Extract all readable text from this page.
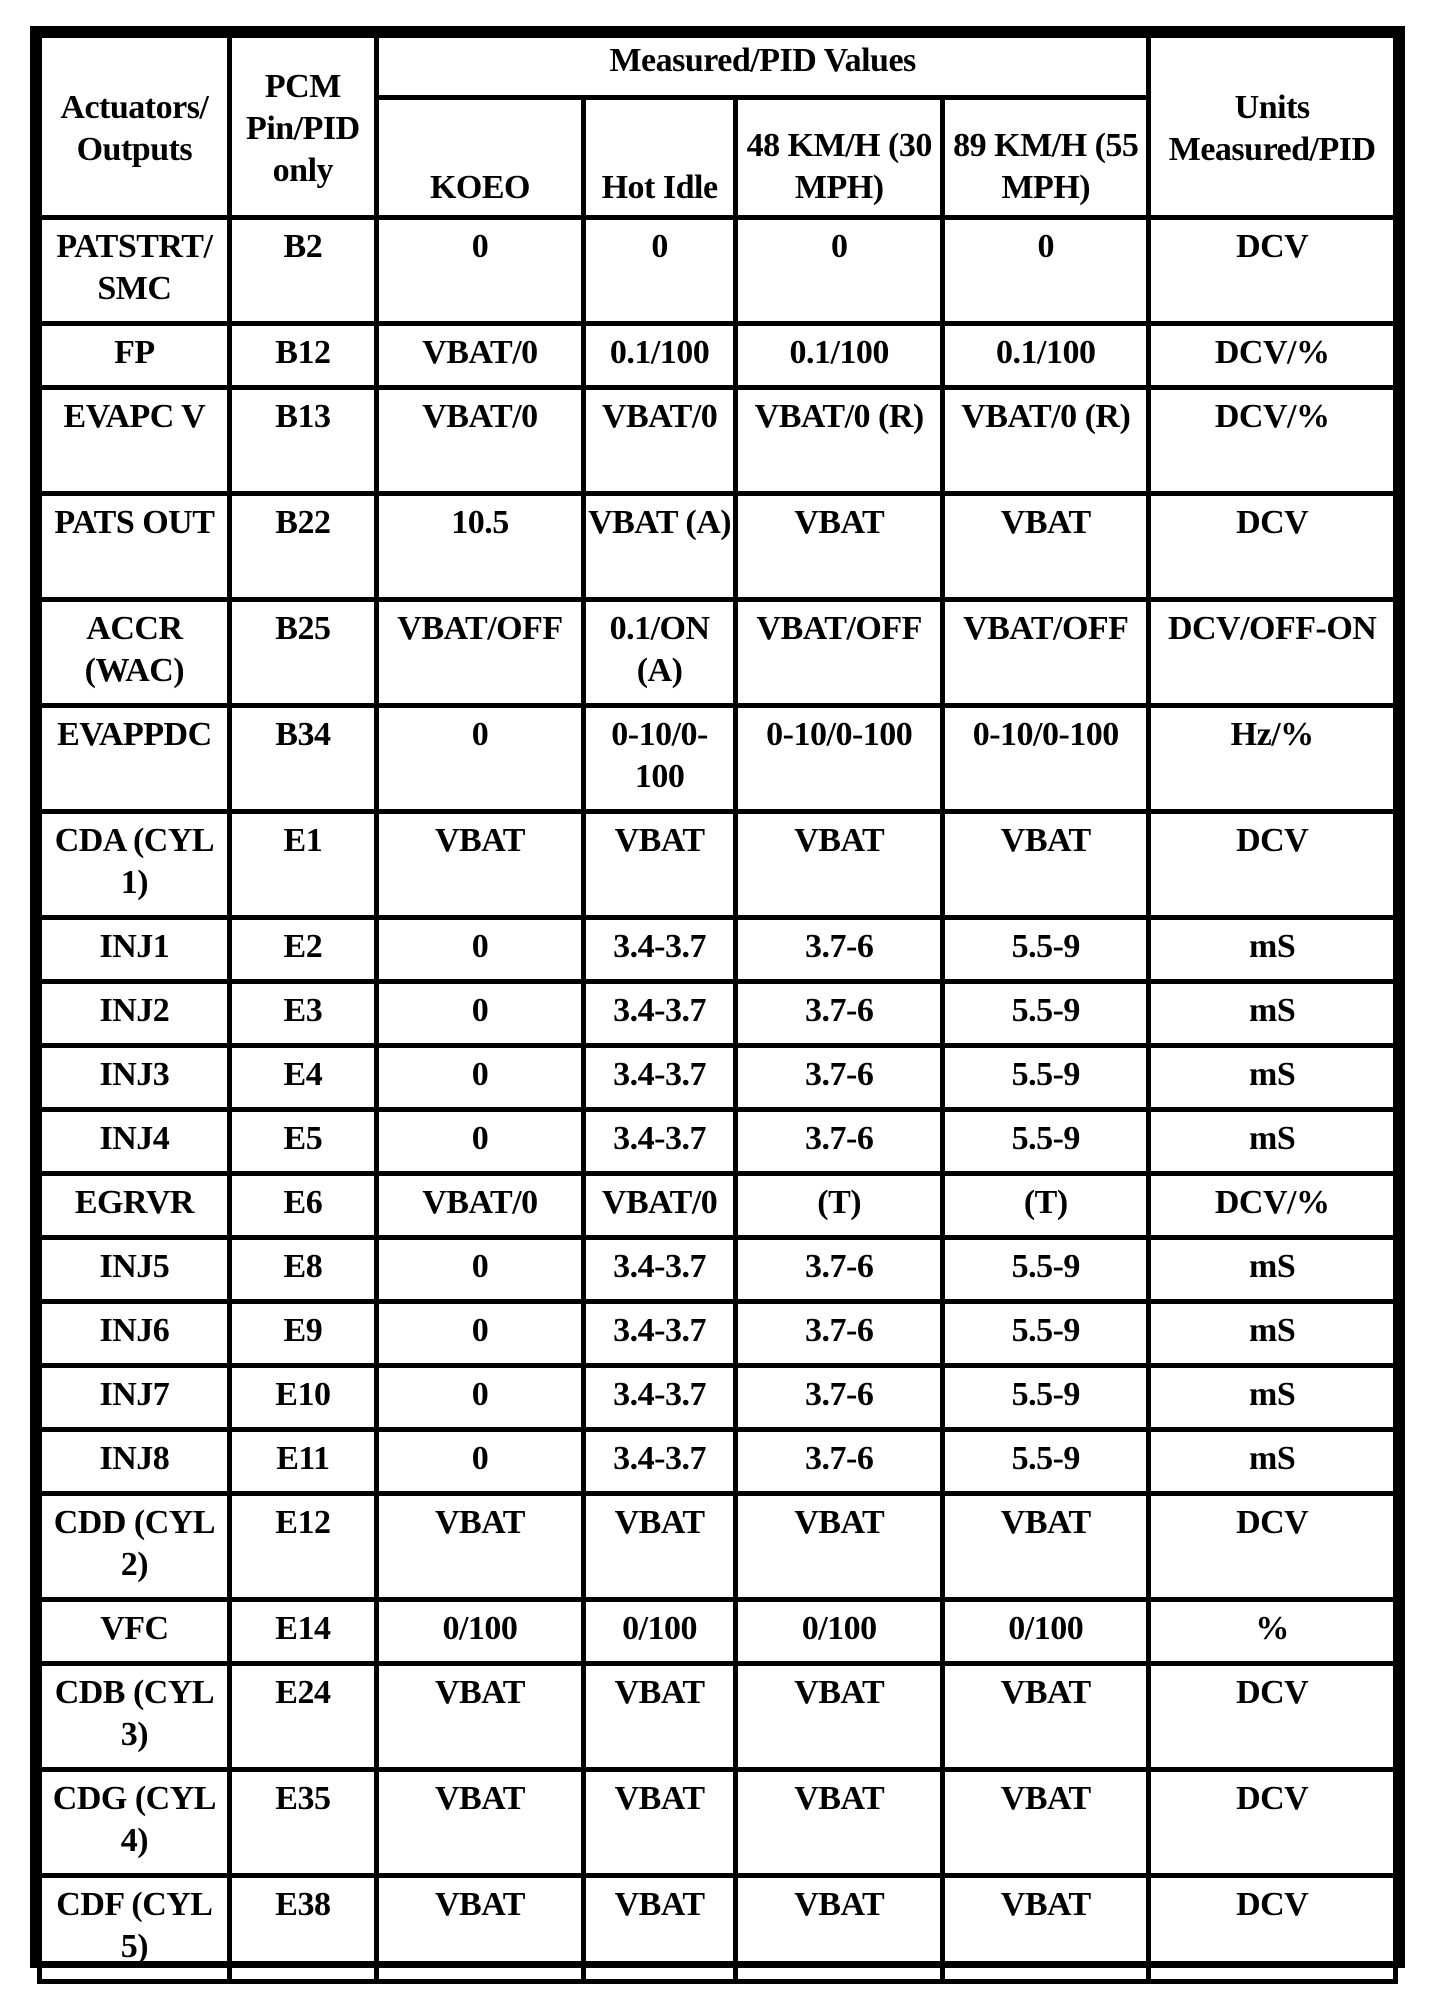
Actuators/ Outputs	PCM Pin/PID only	Measured/PID Values				Units Measured/PID
		KOEO	Hot Idle	48 KM/H (30 MPH)	89 KM/H (55 MPH)	
PATSTRT/ SMC	B2	0	0	0	0	DCV
FP	B12	VBAT/0	0.1/100	0.1/100	0.1/100	DCV/%
EVAPC V	B13	VBAT/0	VBAT/0	VBAT/0 (R)	VBAT/0 (R)	DCV/%
PATS OUT	B22	10.5	VBAT (A)	VBAT	VBAT	DCV
ACCR (WAC)	B25	VBAT/OFF	0.1/ON (A)	VBAT/OFF	VBAT/OFF	DCV/OFF-ON
EVAPPDC	B34	0	0-10/0-100	0-10/0-100	0-10/0-100	Hz/%
CDA (CYL 1)	E1	VBAT	VBAT	VBAT	VBAT	DCV
INJ1	E2	0	3.4-3.7	3.7-6	5.5-9	mS
INJ2	E3	0	3.4-3.7	3.7-6	5.5-9	mS
INJ3	E4	0	3.4-3.7	3.7-6	5.5-9	mS
INJ4	E5	0	3.4-3.7	3.7-6	5.5-9	mS
EGRVR	E6	VBAT/0	VBAT/0	(T)	(T)	DCV/%
INJ5	E8	0	3.4-3.7	3.7-6	5.5-9	mS
INJ6	E9	0	3.4-3.7	3.7-6	5.5-9	mS
INJ7	E10	0	3.4-3.7	3.7-6	5.5-9	mS
INJ8	E11	0	3.4-3.7	3.7-6	5.5-9	mS
CDD (CYL 2)	E12	VBAT	VBAT	VBAT	VBAT	DCV
VFC	E14	0/100	0/100	0/100	0/100	%
CDB (CYL 3)	E24	VBAT	VBAT	VBAT	VBAT	DCV
CDG (CYL 4)	E35	VBAT	VBAT	VBAT	VBAT	DCV
CDF (CYL 5)	E38	VBAT	VBAT	VBAT	VBAT	DCV
